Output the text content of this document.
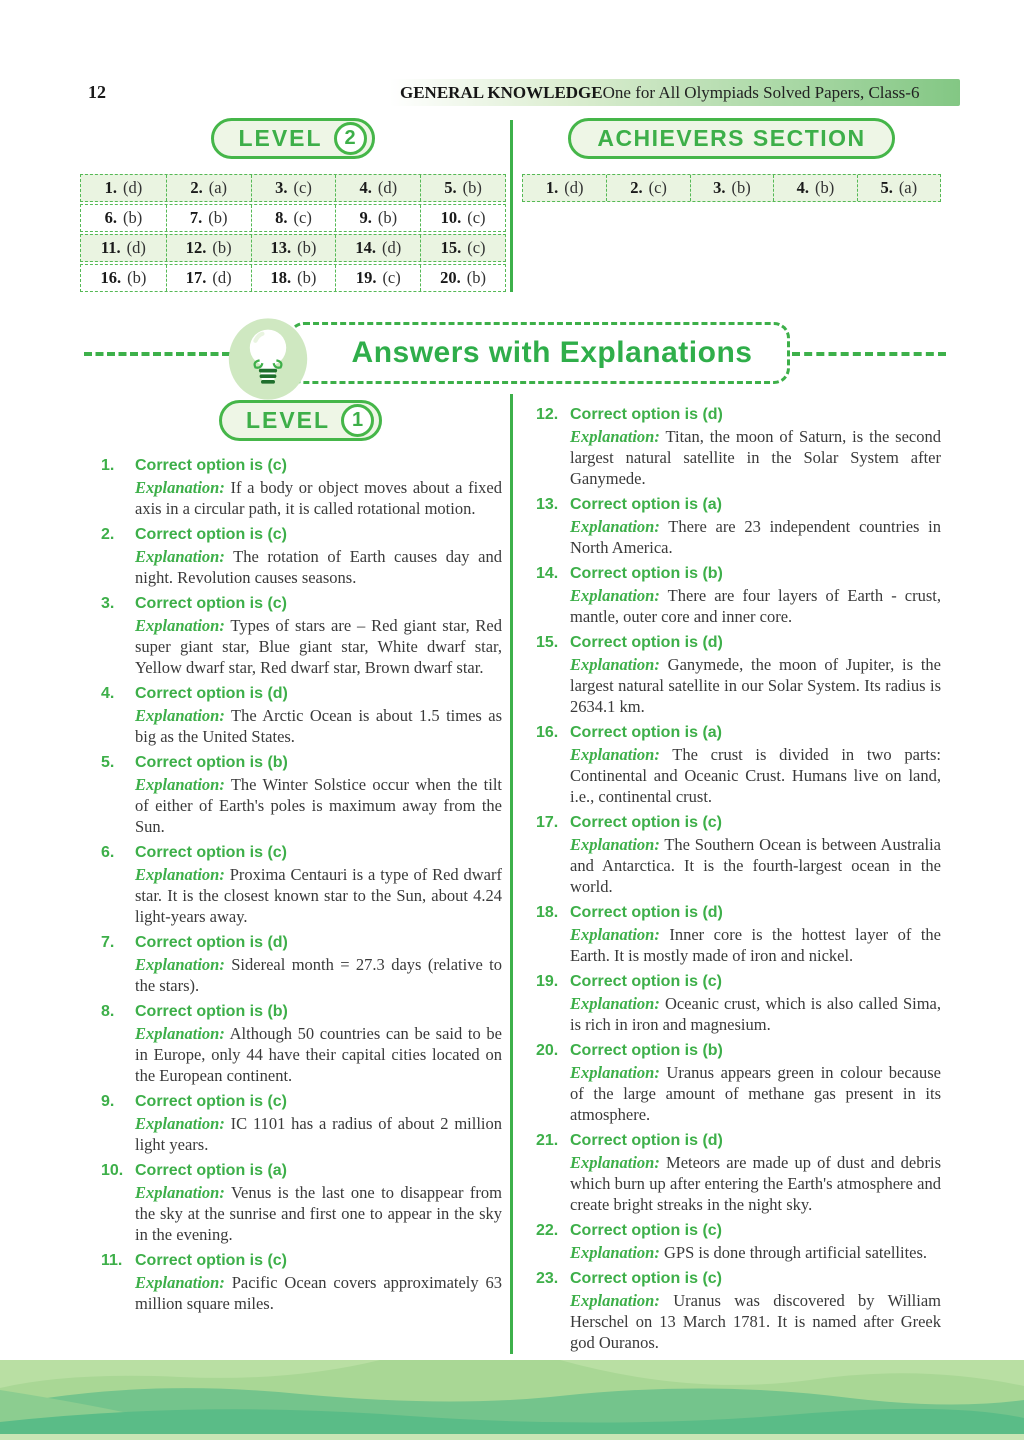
12	GENERAL KNOWLEDGE One for All Olympiads Solved Papers, Class-6
LEVEL	2
1. (d)	2. (a)	3. (c)	4. (d)	5. (b)
6. (b)	7. (b)	8. (c)	9. (b)	10. (c)
11. (d) 12. (b) 13. (b) 14. (d) 15. (c)
16. (b) 17. (d) 18. (b) 19. (c) 20. (b)
ACHIEVERS SECTION
1. (d)	2. (c)	3. (b)	4. (b)	5. (a)
Answers with Explanations
LEVEL	1
1.	Correct option is (c)

Explanation: If a body or object moves about a fixed axis in a circular path, it is called rotational motion.

2.	Correct option is (c)

Explanation: The rotation of Earth causes day and night. Revolution causes seasons.

3.	Correct option is (c)

Explanation: Types of stars are – Red giant star, Red super giant star, Blue giant star, White dwarf star, Yellow dwarf star, Red dwarf star, Brown dwarf star.

4.	Correct option is (d)

Explanation: The Arctic Ocean is about 1.5 times as big as the United States.

5.	Correct option is (b)

Explanation: The Winter Solstice occur when the tilt of either of Earth's poles is maximum away from the Sun.

6.	Correct option is (c)

Explanation: Proxima Centauri is a type of Red dwarf star. It is the closest known star to the Sun, about 4.24 light-years away.

7.	Correct option is (d)

Explanation: Sidereal month = 27.3 days (relative to the stars).

8.	Correct option is (b)

Explanation: Although 50 countries can be said to be in Europe, only 44 have their capital cities located on the European continent.

9.	Correct option is (c)

Explanation: IC 1101 has a radius of about 2 million light years.

10. Correct option is (a)

Explanation: Venus is the last one to disappear from the sky at the sunrise and first one to appear in the sky in the evening.

11. Correct option is (c)

Explanation: Pacific Ocean covers approximately 63 million square miles.

12. Correct option is (d)

Explanation: Titan, the moon of Saturn, is the second largest natural satellite in the Solar System after Ganymede.

13. Correct option is (a)

Explanation: There are 23 independent countries in North America.

14. Correct option is (b)

Explanation: There are four layers of Earth - crust, mantle, outer core and inner core.

15. Correct option is (d)

Explanation: Ganymede, the moon of Jupiter, is the largest natural satellite in our Solar System. Its radius is 2634.1 km.

16. Correct option is (a)

Explanation: The crust is divided in two parts: Continental and Oceanic Crust. Humans live on land, i.e., continental crust.

17. Correct option is (c)

Explanation: The Southern Ocean is between Australia and Antarctica. It is the fourth-largest ocean in the world.

18. Correct option is (d)

Explanation: Inner core is the hottest layer of the Earth. It is mostly made of iron and nickel.

19. Correct option is (c)

Explanation: Oceanic crust, which is also called Sima, is rich in iron and magnesium.

20. Correct option is (b)

Explanation: Uranus appears green in colour because of the large amount of methane gas present in its atmosphere.

21. Correct option is (d)

Explanation: Meteors are made up of dust and debris which burn up after entering the Earth's atmosphere and create bright streaks in the night sky.

22. Correct option is (c)

Explanation: GPS is done through artificial satellites.

23. Correct option is (c)

Explanation: Uranus was discovered by William Herschel on 13 March 1781. It is named after Greek god Ouranos.
